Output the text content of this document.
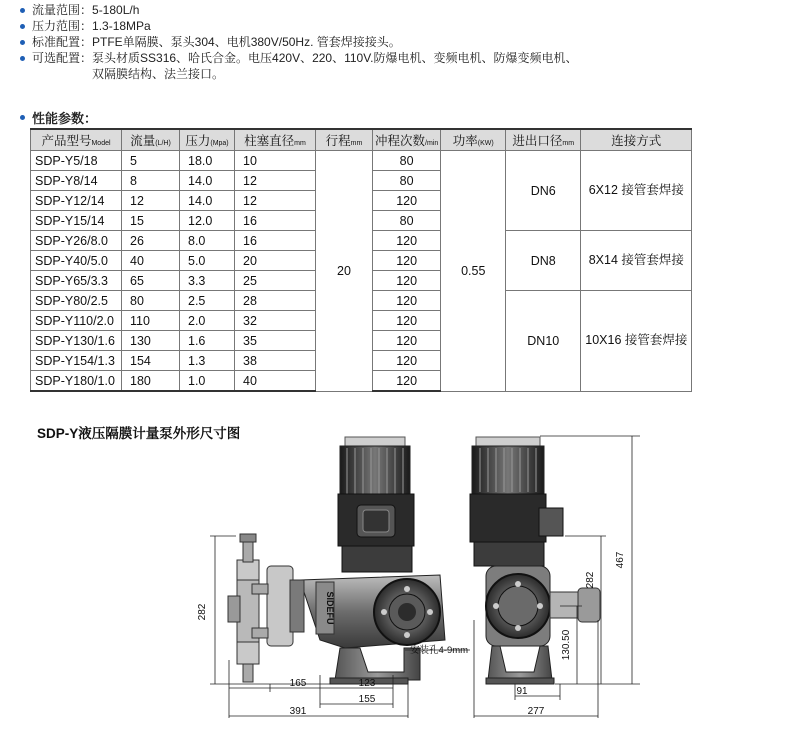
流量范围： 5-180L/h
压力范围： 1.3-18MPa
标准配置： PTFE单隔膜、泵头304、电机380V/50Hz. 管套焊接接头。
可选配置： 泵头材质SS316、哈氏合金。电压420V、220、110V.防爆电机、变频电机、防爆变频电机、
双隔膜结构、法兰接口。
性能参数：
产品型号Model	流量(L/H)	压力(Mpa)	柱塞直径mm	行程mm	冲程次数/min	功率(KW)	进出口径mm	连接方式
SDP-Y5/18	5	18.0	10	20	80	0.55	DN6	6X12 接管套焊接
SDP-Y8/14	8	14.0	12		80			
SDP-Y12/14	12	14.0	12		120			
SDP-Y15/14	15	12.0	16		80			
SDP-Y26/8.0	26	8.0	16		120		DN8	8X14 接管套焊接
SDP-Y40/5.0	40	5.0	20		120			
SDP-Y65/3.3	65	3.3	25		120			
SDP-Y80/2.5	80	2.5	28		120		DN10	10X16 接管套焊接
SDP-Y110/2.0	110	2.0	32		120			
SDP-Y130/1.6	130	1.6	35		120			
SDP-Y154/1.3	154	1.3	38		120			
SDP-Y180/1.0	180	1.0	40		120			
SDP-Y液压隔膜计量泵外形尺寸图
SIDEFU
282
165	123
155
391
安装孔4-9mm
467
282
130.50
91
277
